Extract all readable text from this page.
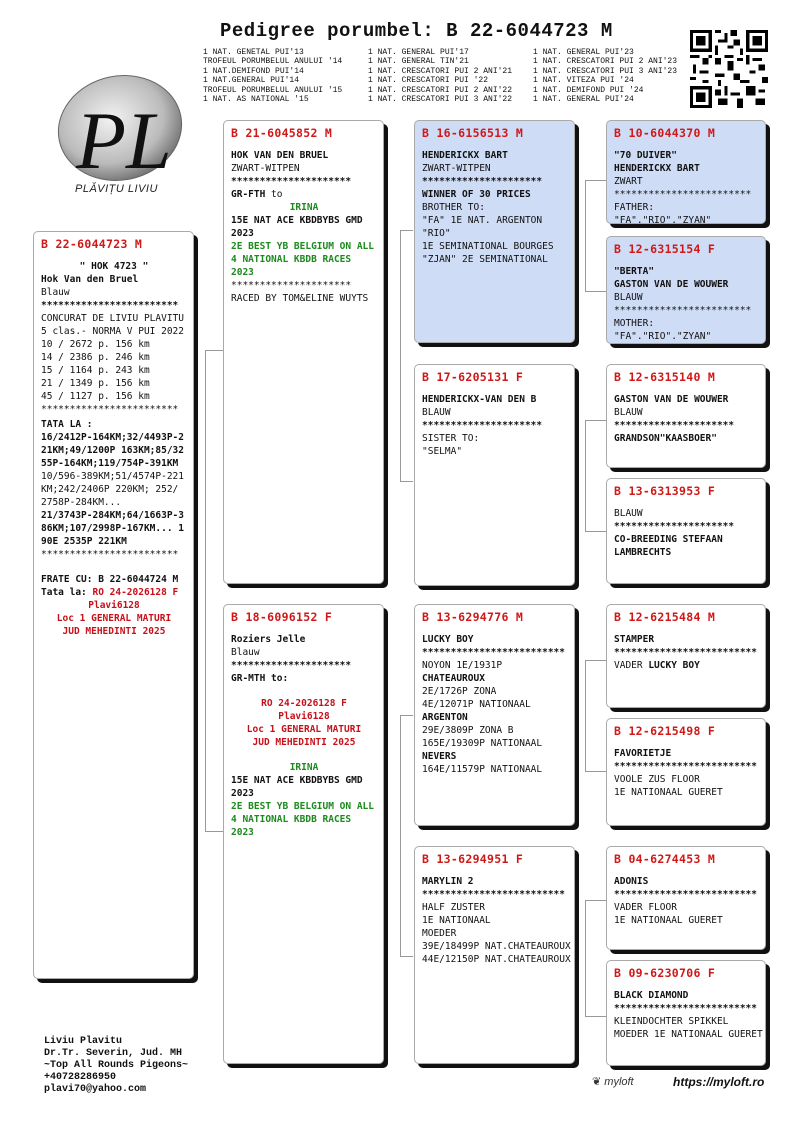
Pedigree porumbel: B 22-6044723 M
1 NAT. GENETAL PUI'13
TROFEUL PORUMBELUL ANULUI '14
1 NAT.DEMIFOND PUI'14
1 NAT.GENERAL PUI'14
TROFEUL PORUMBELUL ANULUI '15
1 NAT. AS NATIONAL '15
1 NAT. GENERAL PUI'17
1 NAT. GENERAL TIN'21
1 NAT. CRESCATORI PUI 2 ANI'21
1 NAT. CRESCATORI PUI '22
1 NAT. CRESCATORI PUI 2 ANI'22
1 NAT. CRESCATORI PUI 3 ANI'22
1 NAT. GENERAL PUI'23
1 NAT. CRESCATORI PUI 2 ANI'23
1 NAT. CRESCATORI PUI 3 ANI'23
1 NAT. VITEZA PUI '24
1 NAT. DEMIFOND PUI '24
1 NAT. GENERAL PUI'24
PL
PLĂVIȚU LIVIU
B 22-6044723 M
" HOK 4723 "
Hok Van den Bruel
Blauw
************************
CONCURAT DE LIVIU PLAVITU
5 clas.- NORMA V PUI 2022
10 / 2672 p. 156 km
14 / 2386 p. 246 km
15 / 1164 p. 243 km
21 / 1349 p. 156 km
45 / 1127 p. 156 km
************************
TATA LA :
16/2412P-164KM;32/4493P-221KM;49/1200P 163KM;85/3255P-164KM;119/754P-391KM
10/596-389KM;51/4574P-221 KM;242/2406P 220KM; 252/ 2758P-284KM...
21/3743P-284KM;64/1663P-386KM;107/2998P-167KM... 190E 2535P 221KM
************************
FRATE CU: B 22-6044724 M
Tata la: RO 24-2026128 F
Plavi6128
Loc 1 GENERAL MATURI
JUD MEHEDINTI 2025
B 21-6045852 M
HOK VAN DEN BRUEL
ZWART-WITPEN
*********************
GR-FTH to
IRINA
15E NAT ACE KBDBYBS GMD 2023
2E BEST YB BELGIUM ON ALL 4 NATIONAL KBDB RACES 2023
*********************
RACED BY TOM&ELINE WUYTS
B 18-6096152 F
Roziers Jelle
Blauw
*********************
GR-MTH to:
RO 24-2026128 F
Plavi6128
Loc 1 GENERAL MATURI
JUD MEHEDINTI 2025
IRINA
15E NAT ACE KBDBYBS GMD 2023
2E BEST YB BELGIUM ON ALL 4 NATIONAL KBDB RACES 2023
B 16-6156513 M
HENDERICKX BART
ZWART-WITPEN
*********************
WINNER OF 30 PRICES
BROTHER TO:
"FA" 1E NAT. ARGENTON
"RIO"
1E SEMINATIONAL BOURGES
"ZJAN" 2E SEMINATIONAL
B 17-6205131 F
HENDERICKX-VAN DEN B
BLAUW
*********************
SISTER TO:
"SELMA"
B 13-6294776 M
LUCKY BOY
*************************
NOYON 1E/1931P
CHATEAUROUX
2E/1726P ZONA
4E/12071P NATIONAAL
ARGENTON
29E/3809P ZONA B
165E/19309P NATIONAAL
NEVERS
164E/11579P NATIONAAL
B 13-6294951 F
MARYLIN 2
*************************
HALF ZUSTER
1E NATIONAAL
MOEDER
39E/18499P NAT.CHATEAUROUX
44E/12150P NAT.CHATEAUROUX
B 10-6044370 M
"70 DUIVER"
HENDERICKX BART
ZWART
************************
FATHER:
"FA"."RIO"."ZYAN"
B 12-6315154 F
"BERTA"
GASTON VAN DE WOUWER
BLAUW
************************
MOTHER:
"FA"."RIO"."ZYAN"
B 12-6315140 M
GASTON VAN DE WOUWER
BLAUW
*********************
GRANDSON"KAASBOER"
B 13-6313953 F
BLAUW
*********************
CO-BREEDING STEFAAN LAMBRECHTS
B 12-6215484 M
STAMPER
*************************
VADER LUCKY BOY
B 12-6215498 F
FAVORIETJE
*************************
VOOLE ZUS FLOOR
1E NATIONAAL GUERET
B 04-6274453 M
ADONIS
*************************
VADER FLOOR
1E NATIONAAL GUERET
B 09-6230706 F
BLACK DIAMOND
*************************
KLEINDOCHTER SPIKKEL
MOEDER 1E NATIONAAL GUERET
Liviu Plavitu
Dr.Tr. Severin, Jud. MH
~Top All Rounds Pigeons~
+40728286950
plavi70@yahoo.com
❦ myloft	https://myloft.ro
